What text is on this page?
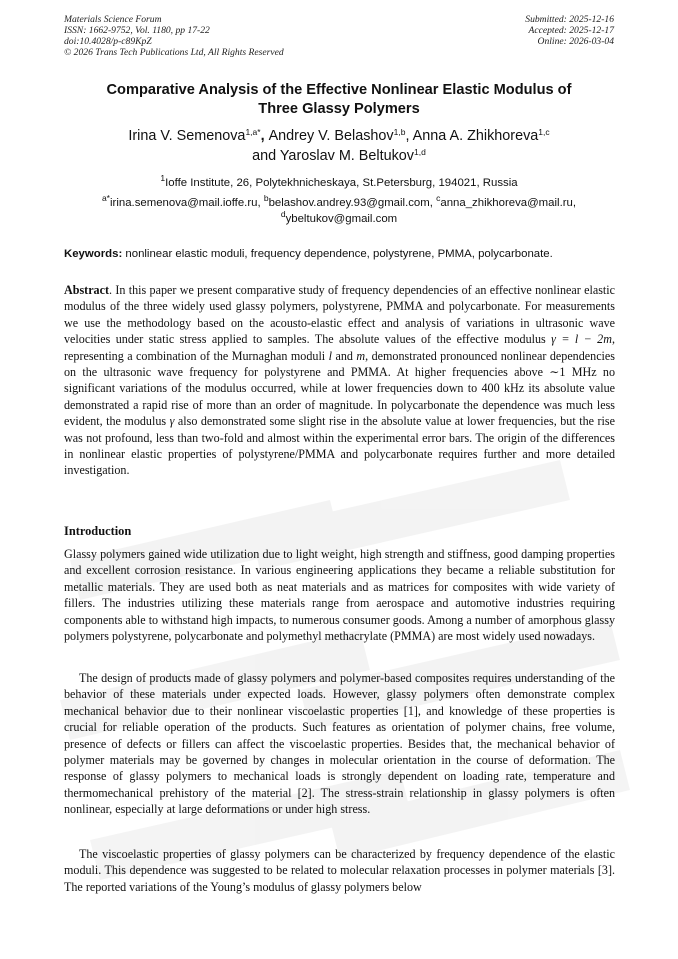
Materials Science Forum
ISSN: 1662-9752, Vol. 1180, pp 17-22
doi:10.4028/p-c89KpZ
© 2026 Trans Tech Publications Ltd, All Rights Reserved
Submitted: 2025-12-16
Accepted: 2025-12-17
Online: 2026-03-04
Comparative Analysis of the Effective Nonlinear Elastic Modulus of
Three Glassy Polymers
Irina V. Semenova$^{1,a*}$, Andrey V. Belashov$^{1,b}$, Anna A. Zhikhoreva$^{1,c}$
and Yaroslav M. Beltukov$^{1,d}$
$^1$Ioffe Institute, 26, Polytekhnicheskaya, St.Petersburg, 194021, Russia
$^{a*}$irina.semenova@mail.ioffe.ru, $^b$belashov.andrey.93@gmail.com, $^c$anna_zhikhoreva@mail.ru,
$^d$ybeltukov@gmail.com
Keywords: nonlinear elastic moduli, frequency dependence, polystyrene, PMMA, polycarbonate.

Abstract. In this paper we present comparative study of frequency dependencies of an effective nonlinear elastic modulus of the three widely used glassy polymers, polystyrene, PMMA and polycarbonate. For measurements we use the methodology based on the acousto-elastic effect and analysis of variations in ultrasonic wave velocities under static stress applied to samples. The absolute values of the effective modulus γ = l − 2m, representing a combination of the Murnaghan moduli l and m, demonstrated pronounced nonlinear dependencies on the ultrasonic wave frequency for polystyrene and PMMA. At higher frequencies above ∼1 MHz no significant variations of the modulus occurred, while at lower frequencies down to 400 kHz its absolute value demonstrated a rapid rise of more than an order of magnitude. In polycarbonate the dependence was much less evident, the modulus γ also demonstrated some slight rise in the absolute value at lower frequencies, but the rise was not profound, less than two-fold and almost within the experimental error bars. The origin of the differences in nonlinear elastic properties of polystyrene/PMMA and polycarbonate requires further and more detailed investigation.

Introduction

Glassy polymers gained wide utilization due to light weight, high strength and stiffness, good damping properties and excellent corrosion resistance. In various engineering applications they became a reliable substitution for metallic materials. They are used both as neat materials and as matrices for composites with wide variety of fillers. The industries utilizing these materials range from aerospace and automotive industries requiring components able to withstand high impacts, to numerous consumer goods. Among a number of amorphous glassy polymers polystyrene, polycarbonate and polymethyl methacrylate (PMMA) are most widely used nowadays.

The design of products made of glassy polymers and polymer-based composites requires understanding of the behavior of these materials under expected loads. However, glassy polymers often demonstrate complex mechanical behavior due to their nonlinear viscoelastic properties [1], and knowledge of these properties is crucial for reliable operation of the products. Such features as orientation of polymer chains, free volume, presence of defects or fillers can affect the viscoelastic properties. Besides that, the mechanical behavior of polymer materials may be governed by changes in molecular orientation in the course of deformation. The response of glassy polymers to mechanical loads is strongly dependent on loading rate, temperature and thermomechanical prehistory of the material [2]. The stress-strain relationship in glassy polymers is often nonlinear, especially at large deformations or under high stress.

The viscoelastic properties of glassy polymers can be characterized by frequency dependence of the elastic moduli. This dependence was suggested to be related to molecular relaxation processes in polymer materials [3]. The reported variations of the Young’s modulus of glassy polymers below
